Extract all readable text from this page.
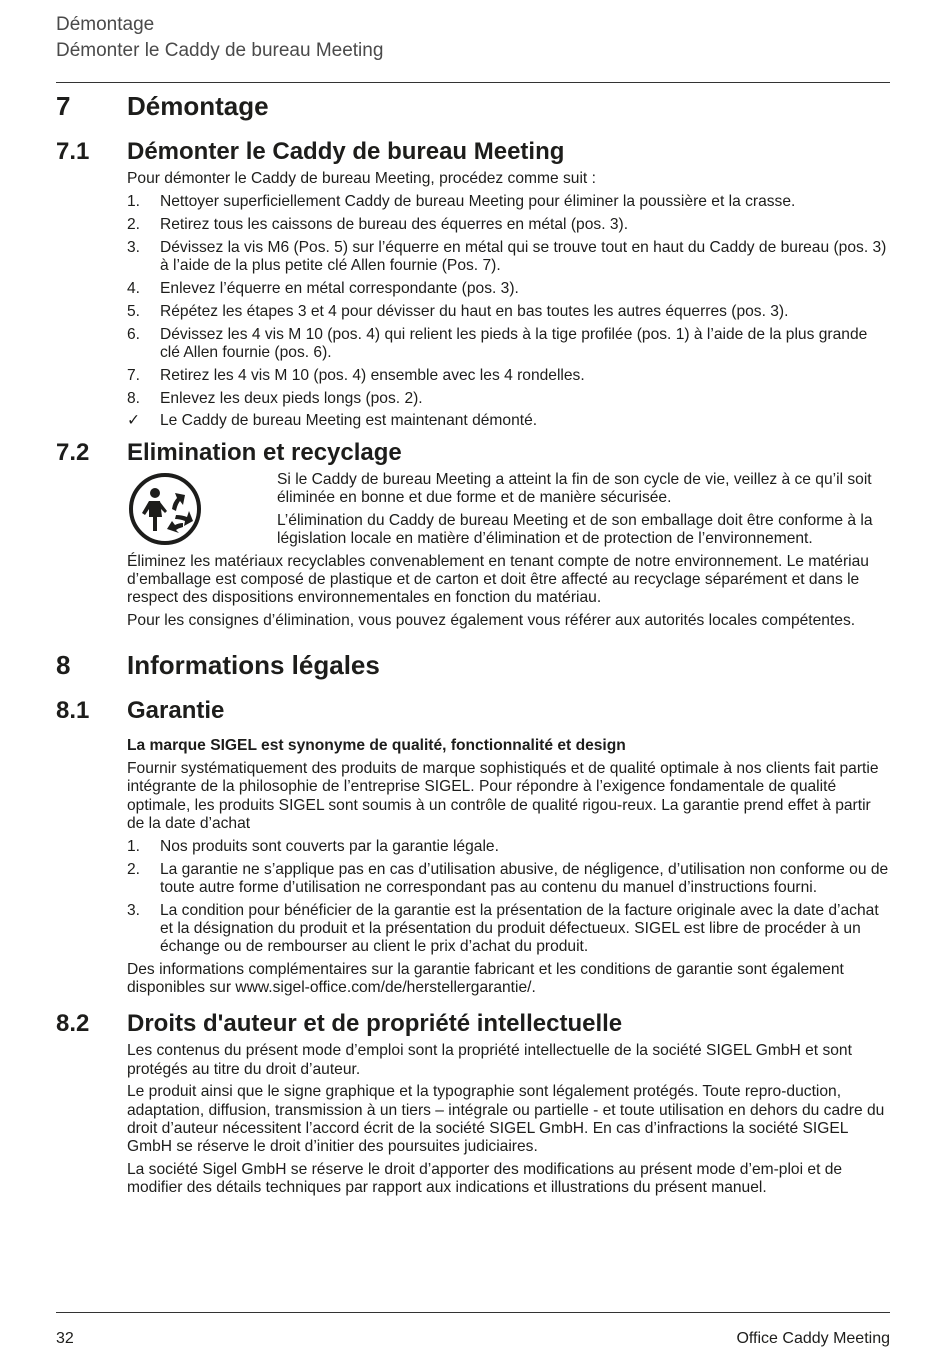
Démontage
Démonter le Caddy de bureau Meeting
7	Démontage
7.1	Démonter le Caddy de bureau Meeting

Pour démonter le Caddy de bureau Meeting, procédez comme suit :

1.	Nettoyer superficiellement Caddy de bureau Meeting pour éliminer la poussière et la crasse.
2.	Retirez tous les caissons de bureau des équerres en métal (pos. 3).
3.	Dévissez la vis M6 (Pos. 5) sur l’équerre en métal qui se trouve tout en haut du Caddy de bureau (pos. 3) à l’aide de la plus petite clé Allen fournie (Pos. 7).
4.	Enlevez l’équerre en métal correspondante (pos. 3).
5.	Répétez les étapes 3 et 4 pour dévisser du haut en bas toutes les autres équerres (pos. 3).
6.	Dévissez les 4 vis M 10 (pos. 4) qui relient les pieds à la tige profilée (pos. 1) à l’aide de la plus grande clé Allen fournie (pos. 6).
7.	Retirez les 4 vis M 10 (pos. 4) ensemble avec les 4 rondelles.
8.	Enlevez les deux pieds longs (pos. 2).
✓	Le Caddy de bureau Meeting est maintenant démonté.
7.2	Elimination et recyclage

Si le Caddy de bureau Meeting a atteint la fin de son cycle de vie, veillez à ce qu’il soit éliminée en bonne et due forme et de manière sécurisée.

L’élimination du Caddy de bureau Meeting et de son emballage doit être conforme à la législation locale en matière d’élimination et de protection de l’environnement.

Éliminez les matériaux recyclables convenablement en tenant compte de notre environnement. Le matériau d’emballage est composé de plastique et de carton et doit être affecté au recyclage séparément et dans le respect des dispositions environnementales en fonction du matériau.

Pour les consignes d’élimination, vous pouvez également vous référer aux autorités locales compétentes.

8	Informations légales
8.1	Garantie

La marque SIGEL est synonyme de qualité, fonctionnalité et design

Fournir systématiquement des produits de marque sophistiqués et de qualité optimale à nos clients fait partie intégrante de la philosophie de l’entreprise SIGEL. Pour répondre à l’exigence fondamentale de qualité optimale, les produits SIGEL sont soumis à un contrôle de qualité rigou-reux. La garantie prend effet à partir de la date d’achat

1.	Nos produits sont couverts par la garantie légale.
2.	La garantie ne s’applique pas en cas d’utilisation abusive, de négligence, d’utilisation non conforme ou de toute autre forme d’utilisation ne correspondant pas au contenu du manuel d’instructions fourni.
3.	La condition pour bénéficier de la garantie est la présentation de la facture originale avec la date d’achat et la désignation du produit et la présentation du produit défectueux. SIGEL est libre de procéder à un échange ou de rembourser au client le prix d’achat du produit.

Des informations complémentaires sur la garantie fabricant et les conditions de garantie sont également disponibles sur www.sigel-office.com/de/herstellergarantie/.

8.2	Droits d'auteur et de propriété intellectuelle

Les contenus du présent mode d’emploi sont la propriété intellectuelle de la société SIGEL GmbH et sont protégés au titre du droit d’auteur.

Le produit ainsi que le signe graphique et la typographie sont légalement protégés. Toute repro-duction, adaptation, diffusion, transmission à un tiers – intégrale ou partielle - et toute utilisation en dehors du cadre du droit d’auteur nécessitent l’accord écrit de la société SIGEL GmbH. En cas d’infractions la société SIGEL GmbH se réserve le droit d’initier des poursuites judiciaires.

La société Sigel GmbH se réserve le droit d’apporter des modifications au présent mode d’em-ploi et de modifier des détails techniques par rapport aux indications et illustrations du présent manuel.

32	Office Caddy Meeting
